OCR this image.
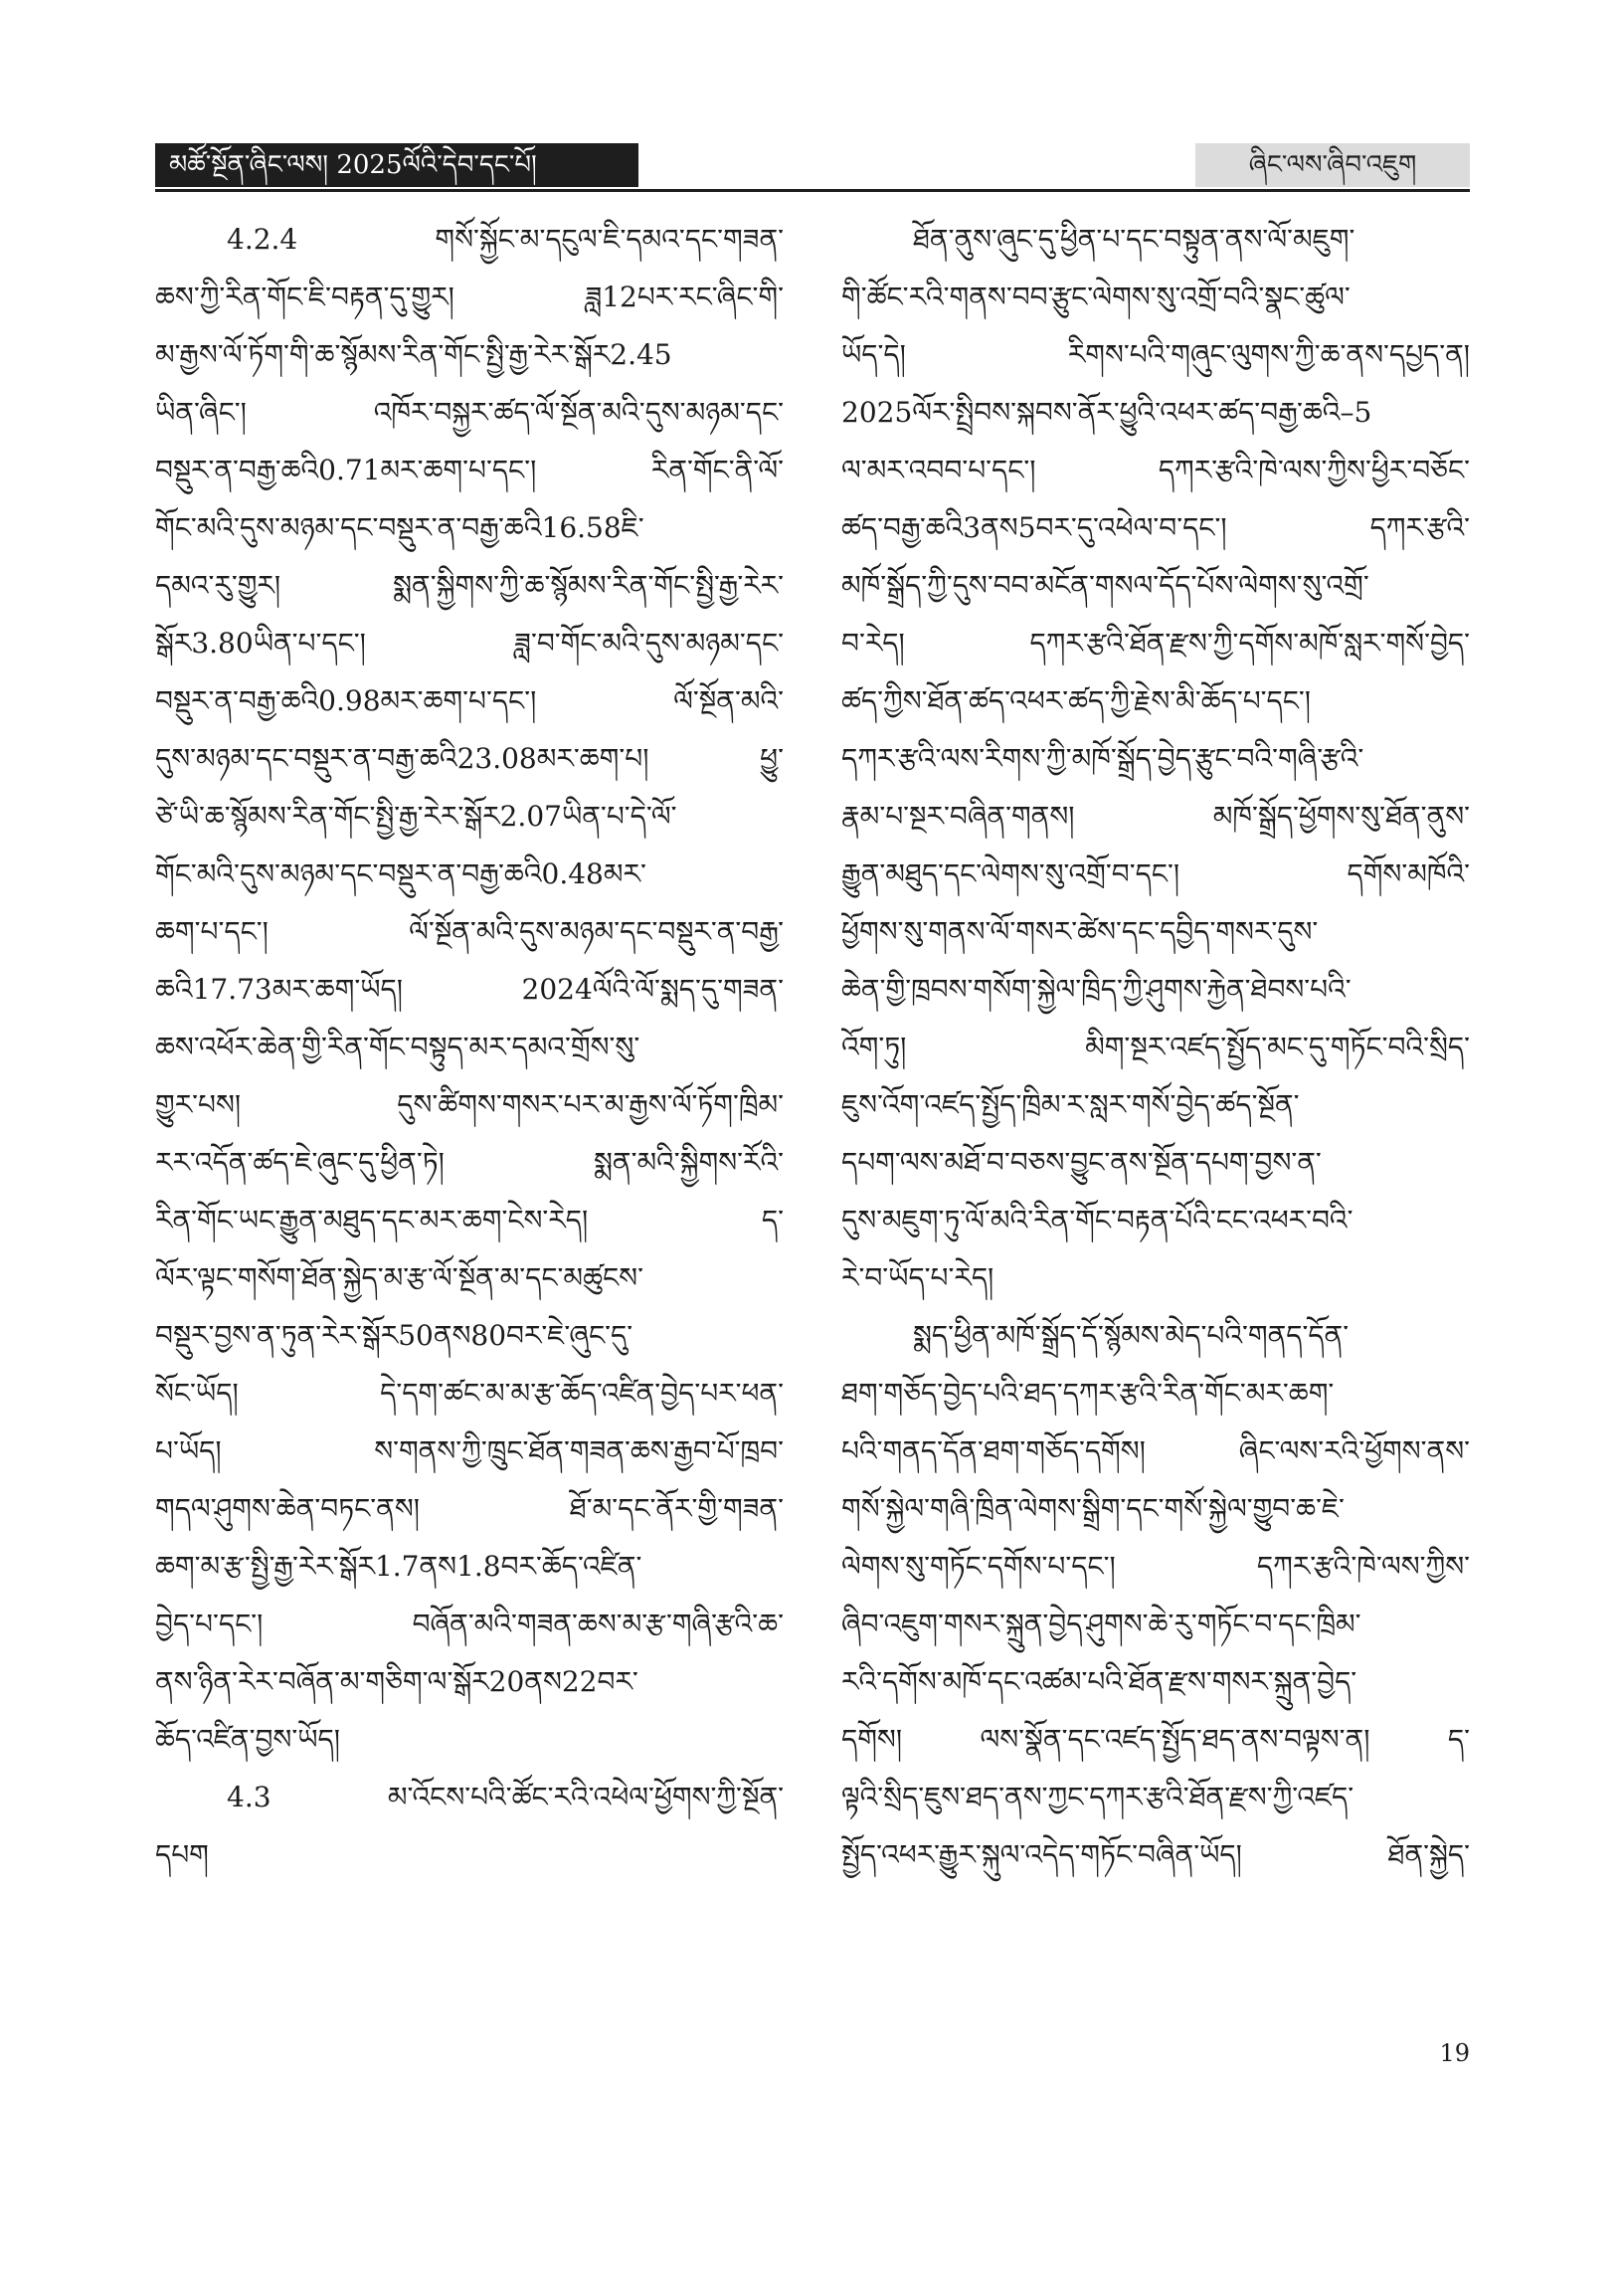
མཚོ་སྔོན་ཞིང་ལས། 2025ལོའི་དེབ་དང་པོ།	ཞིང་ལས་ཞིབ་འཇུག
4.2.4 གསོ་སྐྱོང་མ་དངུལ་ཇི་དམའ་དང་གཟན་
ཆས་ཀྱི་རིན་གོང་ཇི་བརྟན་དུ་གྱུར། ཟླ12པར་རང་ཞིང་གི་
མ་རྒྱས་ལོ་ཏོག་གི་ཆ་སྙོམས་རིན་གོང་སྤྱི་རྒྱ་རེར་སྒོར2.45
ཡིན་ཞིང་། འཁོར་བསྐྱར་ཚད་ལོ་སྔོན་མའི་དུས་མཉམ་དང་
བསྡུར་ན་བརྒྱ་ཆའི0.71མར་ཆག་པ་དང་། རིན་གོང་ནི་ལོ་
གོང་མའི་དུས་མཉམ་དང་བསྡུར་ན་བརྒྱ་ཆའི16.58ཇི་
དམའ་རུ་གྱུར། སྨན་སྐྱིགས་ཀྱི་ཆ་སྙོམས་རིན་གོང་སྤྱི་རྒྱ་རེར་
སྒོར3.80ཡིན་པ་དང་། ཟླ་བ་གོང་མའི་དུས་མཉམ་དང་
བསྡུར་ན་བརྒྱ་ཆའི0.98མར་ཆག་པ་དང་། ལོ་སྔོན་མའི་
དུས་མཉམ་དང་བསྡུར་ན་བརྒྱ་ཆའི23.08མར་ཆག་པ། ཕྱུ་
ཙེ་ཡི་ཆ་སྙོམས་རིན་གོང་སྤྱི་རྒྱ་རེར་སྒོར2.07ཡིན་པ་དེ་ལོ་
གོང་མའི་དུས་མཉམ་དང་བསྡུར་ན་བརྒྱ་ཆའི0.48མར་
ཆག་པ་དང་། ལོ་སྔོན་མའི་དུས་མཉམ་དང་བསྡུར་ན་བརྒྱ་
ཆའི17.73མར་ཆག་ཡོད། 2024ལོའི་ལོ་སྨད་དུ་གཟན་
ཆས་འཕོར་ཆེན་གྱི་རིན་གོང་བསྟུད་མར་དམའ་གྲོས་སུ་
གྱུར་པས། དུས་ཚིགས་གསར་པར་མ་རྒྱས་ལོ་ཏོག་ཁྲིམ་
རར་འདོན་ཚད་ཇེ་ཞུང་དུ་ཕྱིན་ཏེ། སྨན་མའི་སྐྱིགས་རོའི་
རིན་གོང་ཡང་རྒྱུན་མཐུད་དང་མར་ཆག་ངེས་རེད། ད་
ལོར་ལྟང་གསོག་ཐོན་སྐྱེད་མ་རྩ་ལོ་སྔོན་མ་དང་མཚུངས་
བསྡུར་བྱས་ན་ཏུན་རེར་སྒོར50ནས80བར་ཇེ་ཞུང་དུ་
སོང་ཡོད། དེ་དག་ཚང་མ་མ་རྩ་ཆོད་འཛིན་བྱེད་པར་ཕན་
པ་ཡོད། ས་གནས་ཀྱི་ཁྲུང་ཐོན་གཟན་ཆས་རྒྱབ་པོ་ཁྲབ་
གདལ་ཤུགས་ཆེན་བཏང་ནས། ཐོ་མ་དང་ནོར་གྱི་གཟན་
ཆག་མ་རྩ་སྤྱི་རྒྱ་རེར་སྒོར1.7ནས1.8བར་ཆོད་འཛིན་
བྱེད་པ་དང་། བཞོན་མའི་གཟན་ཆས་མ་རྩ་གཞི་རྩའི་ཆ་
ནས་ཉིན་རེར་བཞོན་མ་གཅིག་ལ་སྒོར20ནས22བར་
ཆོད་འཛིན་བྱས་ཡོད།
4.3 མ་འོངས་པའི་ཚོང་རའི་འཕེལ་ཕྱོགས་ཀྱི་སྔོན་
དཔག
ཐོན་ནུས་ཞུང་དུ་ཕྱིན་པ་དང་བསྟུན་ནས་ལོ་མཇུག་
གི་ཚོང་རའི་གནས་བབ་རྩུང་ལེགས་སུ་འགྲོ་བའི་སྣང་ཚུལ་
ཡོད་དེ། རིགས་པའི་གཞུང་ལུགས་ཀྱི་ཆ་ནས་དཔྱད་ན།
2025ལོར་སྤྲིབས་སྐབས་ནོར་ཕྱུའི་འཕར་ཚད་བརྒྱ་ཆའི–5
ལ་མར་འབབ་པ་དང་། དཀར་རྩའི་ཁེ་ལས་ཀྱིས་ཕྱིར་བཅོང་
ཚད་བརྒྱ་ཆའི3ནས5བར་དུ་འཕེལ་བ་དང་། དཀར་རྩའི་
མཁོ་སྒྲོད་ཀྱི་དུས་བབ་མངོན་གསལ་དོད་པོས་ལེགས་སུ་འགྲོ་
བ་རེད། དཀར་རྩའི་ཐོན་རྫས་ཀྱི་དགོས་མཁོ་སླར་གསོ་བྱེད་
ཚད་ཀྱིས་ཐོན་ཚད་འཕར་ཚད་ཀྱི་རྗེས་མི་ཆོད་པ་དང་།
དཀར་རྩའི་ལས་རིགས་ཀྱི་མཁོ་སྒྲོད་བྱེད་རྩུང་བའི་གཞི་རྩའི་
རྣམ་པ་སྔར་བཞིན་གནས། མཁོ་སྒྲོད་ཕྱོགས་སུ་ཐོན་ནུས་
རྒྱུན་མཐུད་དང་ལེགས་སུ་འགྲོ་བ་དང་། དགོས་མཁོའི་
ཕྱོགས་སུ་གནས་ལོ་གསར་ཚེས་དང་དབྱིད་གསར་དུས་
ཆེན་གྱི་ཁྲབས་གསོག་སྐྱེལ་ཁྲིད་ཀྱི་ཤུགས་རྐྱེན་ཐེབས་པའི་
འོག་ཏུ། མིག་སྔར་འཛད་སྤྱོད་མང་དུ་གཏོང་བའི་སྲིད་
ཇུས་འོག་འཛད་སྤྱོད་ཁྲིམ་ར་སླར་གསོ་བྱེད་ཚད་སྔོན་
དཔག་ལས་མཐོ་བ་བཅས་བྱུང་ནས་སྔོན་དཔག་བྱས་ན་
དུས་མཇུག་ཏུ་ལོ་མའི་རིན་གོང་བརྟན་པོའི་ངང་འཕར་བའི་
རེ་བ་ཡོད་པ་རེད།
སྨད་ཕྱིན་མཁོ་སྒྲོད་དོ་སྙོམས་མེད་པའི་གནད་དོན་
ཐག་གཅོད་བྱེད་པའི་ཐད་དཀར་རྩའི་རིན་གོང་མར་ཆག་
པའི་གནད་དོན་ཐག་གཅོད་དགོས། ཞིང་ལས་རའི་ཕྱོགས་ནས་
གསོ་སྐྱེལ་གཞི་ཁྲིན་ལེགས་སྒྲིག་དང་གསོ་སྐྱེལ་གྱུབ་ཆ་ཇེ་
ལེགས་སུ་གཏོང་དགོས་པ་དང་། དཀར་རྩའི་ཁེ་ལས་ཀྱིས་
ཞིབ་འཇུག་གསར་སྐྲུན་བྱེད་ཤུགས་ཆེ་རུ་གཏོང་བ་དང་ཁྲིམ་
རའི་དགོས་མཁོ་དང་འཚམ་པའི་ཐོན་རྫས་གསར་སྐྲུན་བྱེད་
དགོས། ལས་སྣོན་དང་འཛད་སྤྱོད་ཐད་ནས་བལྟས་ན། ད་
ལྟའི་སྲིད་ཇུས་ཐད་ནས་ཀྱང་དཀར་རྩའི་ཐོན་རྫས་ཀྱི་འཛད་
སྤྱོད་འཕར་རྒྱུར་སྐུལ་འདེད་གཏོང་བཞིན་ཡོད། ཐོན་སྐྱེད་
19
